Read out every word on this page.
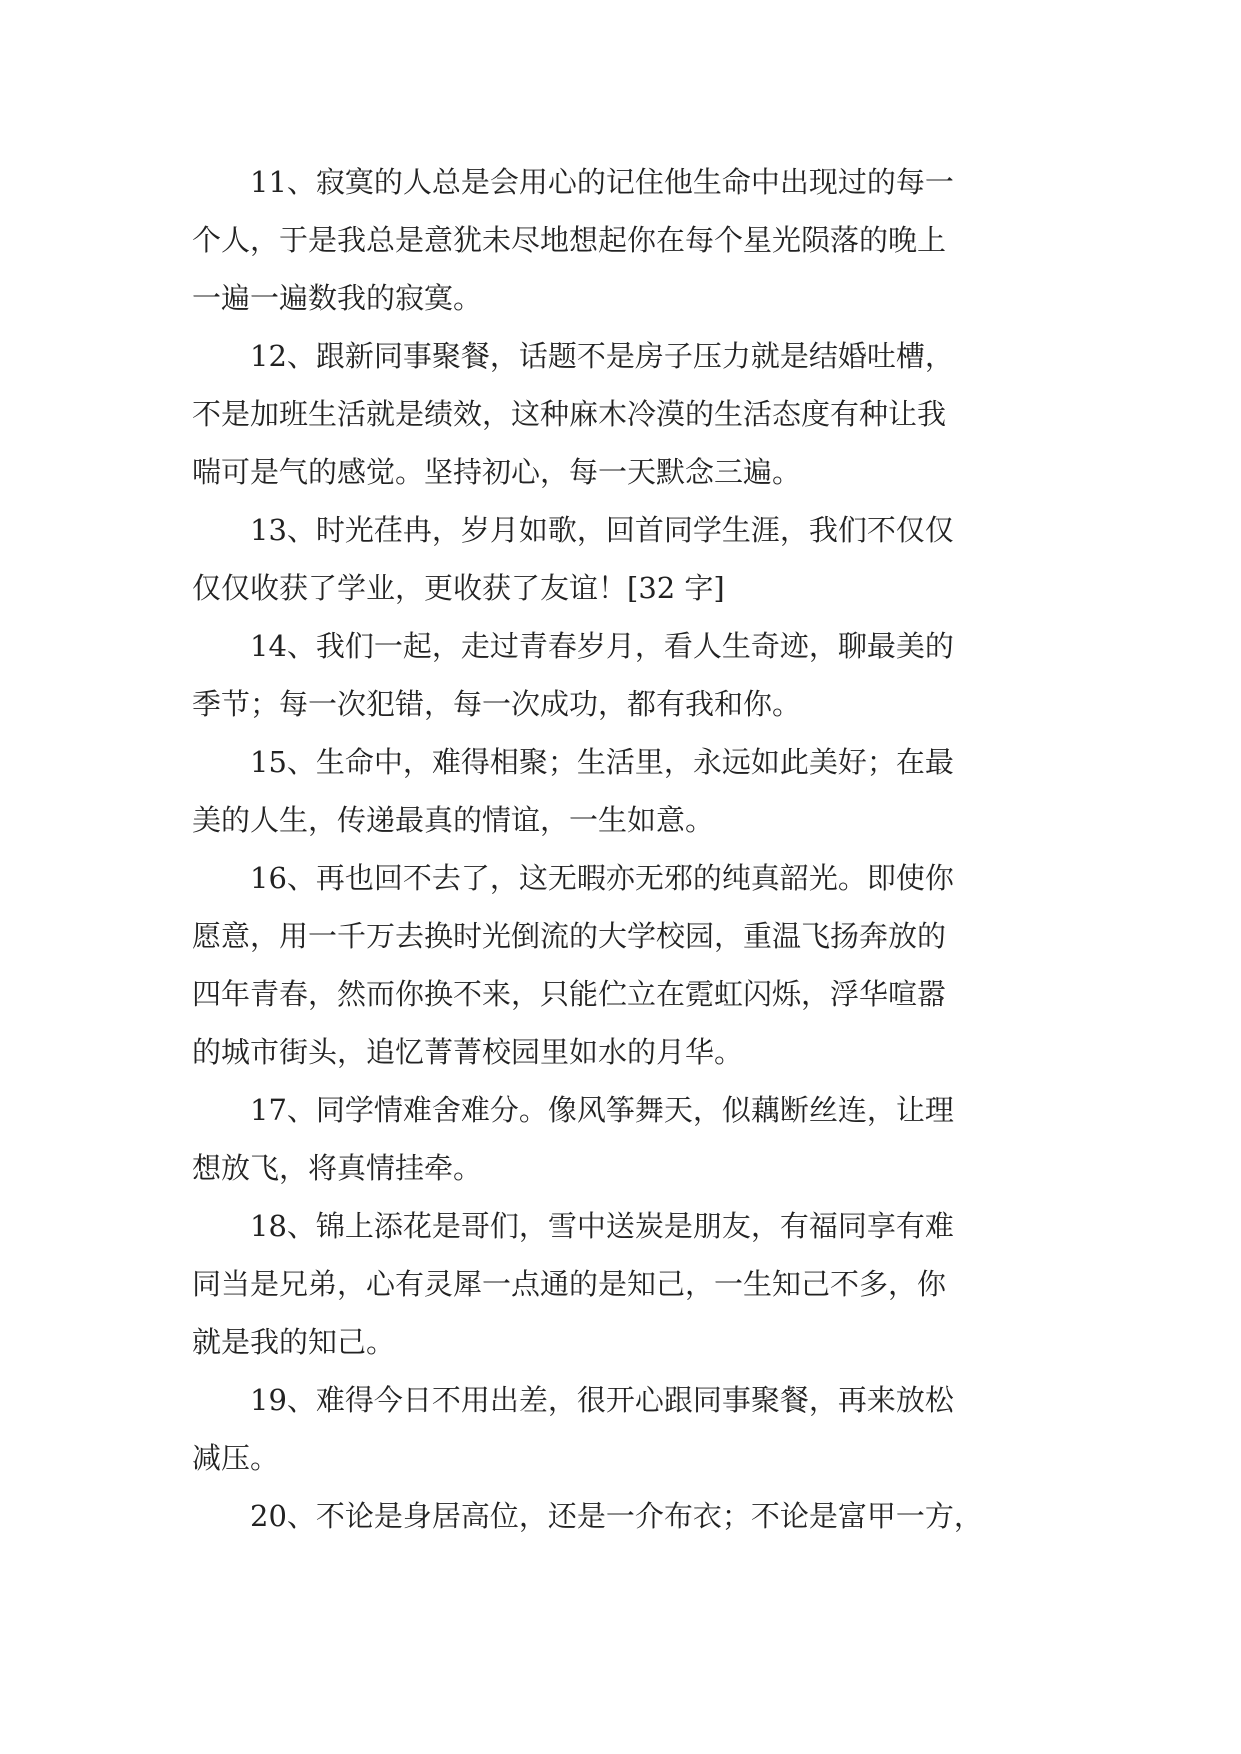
11、寂寞的人总是会用心的记住他生命中出现过的每一

个人，于是我总是意犹未尽地想起你在每个星光陨落的晚上

一遍一遍数我的寂寞。

12、跟新同事聚餐，话题不是房子压力就是结婚吐槽，

不是加班生活就是绩效，这种麻木冷漠的生活态度有种让我

喘可是气的感觉。坚持初心，每一天默念三遍。

13、时光荏冉，岁月如歌，回首同学生涯，我们不仅仅

仅仅收获了学业，更收获了友谊！[32 字]

14、我们一起，走过青春岁月，看人生奇迹，聊最美的

季节；每一次犯错，每一次成功，都有我和你。

15、生命中，难得相聚；生活里，永远如此美好；在最

美的人生，传递最真的情谊，一生如意。

16、再也回不去了，这无暇亦无邪的纯真韶光。即使你

愿意，用一千万去换时光倒流的大学校园，重温飞扬奔放的

四年青春，然而你换不来，只能伫立在霓虹闪烁，浮华喧嚣

的城市街头，追忆菁菁校园里如水的月华。

17、同学情难舍难分。像风筝舞天，似藕断丝连，让理

想放飞，将真情挂牵。

18、锦上添花是哥们，雪中送炭是朋友，有福同享有难

同当是兄弟，心有灵犀一点通的是知己，一生知己不多，你

就是我的知己。

19、难得今日不用出差，很开心跟同事聚餐，再来放松

减压。

20、不论是身居高位，还是一介布衣；不论是富甲一方，
